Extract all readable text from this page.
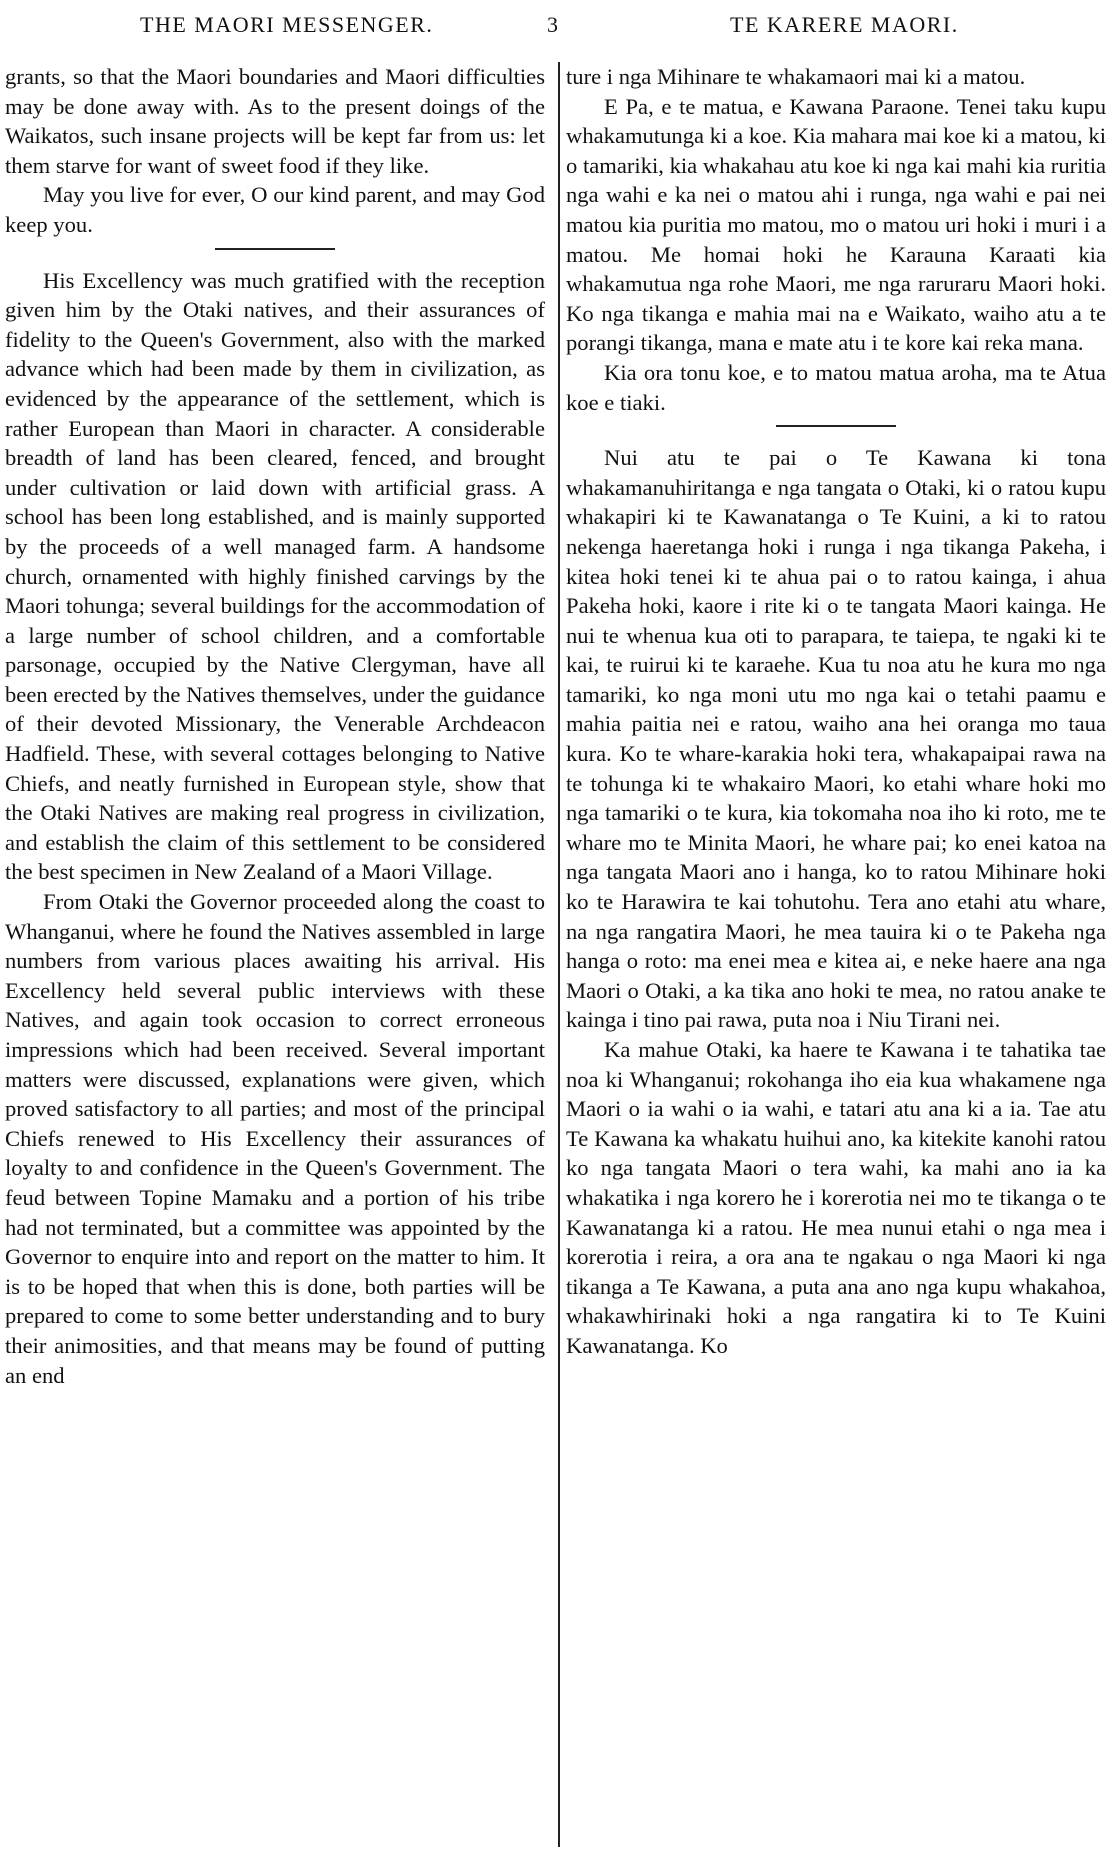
THE MAORI MESSENGER.	3	TE KARERE MAORI.

grants, so that the Maori boundaries and Maori difficulties may be done away with. As to the present doings of the Waikatos, such insane projects will be kept far from us: let them starve for want of sweet food if they like.

May you live for ever, O our kind parent, and may God keep you.

His Excellency was much gratified with the reception given him by the Otaki natives, and their assurances of fidelity to the Queen's Government, also with the marked advance which had been made by them in civilization, as evidenced by the appearance of the settlement, which is rather European than Maori in character. A considerable breadth of land has been cleared, fenced, and brought under cultivation or laid down with artificial grass. A school has been long established, and is mainly supported by the proceeds of a well managed farm. A handsome church, ornamented with highly finished carvings by the Maori tohunga; several buildings for the accommodation of a large number of school children, and a comfortable parsonage, occupied by the Native Clergyman, have all been erected by the Natives themselves, under the guidance of their devoted Missionary, the Venerable Archdeacon Hadfield. These, with several cottages belonging to Native Chiefs, and neatly furnished in European style, show that the Otaki Natives are making real progress in civilization, and establish the claim of this settlement to be considered the best specimen in New Zealand of a Maori Village.

From Otaki the Governor proceeded along the coast to Whanganui, where he found the Natives assembled in large numbers from various places awaiting his arrival. His Excellency held several public interviews with these Natives, and again took occasion to correct erroneous impressions which had been received. Several important matters were discussed, explanations were given, which proved satisfactory to all parties; and most of the principal Chiefs renewed to His Excellency their assurances of loyalty to and confidence in the Queen's Government. The feud between Topine Mamaku and a portion of his tribe had not terminated, but a committee was appointed by the Governor to enquire into and report on the matter to him. It is to be hoped that when this is done, both parties will be prepared to come to some better understanding and to bury their animosities, and that means may be found of putting an end

ture i nga Mihinare te whakamaori mai ki a matou.

E Pa, e te matua, e Kawana Paraone. Tenei taku kupu whakamutunga ki a koe. Kia mahara mai koe ki a matou, ki o tamariki, kia whakahau atu koe ki nga kai mahi kia ruritia nga wahi e ka nei o matou ahi i runga, nga wahi e pai nei matou kia puritia mo matou, mo o matou uri hoki i muri i a matou. Me homai hoki he Karauna Karaati kia whakamutua nga rohe Maori, me nga raruraru Maori hoki. Ko nga tikanga e mahia mai na e Waikato, waiho atu a te porangi tikanga, mana e mate atu i te kore kai reka mana.

Kia ora tonu koe, e to matou matua aroha, ma te Atua koe e tiaki.

Nui atu te pai o Te Kawana ki tona whakamanuhiritanga e nga tangata o Otaki, ki o ratou kupu whakapiri ki te Kawanatanga o Te Kuini, a ki to ratou nekenga haeretanga hoki i runga i nga tikanga Pakeha, i kitea hoki tenei ki te ahua pai o to ratou kainga, i ahua Pakeha hoki, kaore i rite ki o te tangata Maori kainga. He nui te whenua kua oti to parapara, te taiepa, te ngaki ki te kai, te ruirui ki te karaehe. Kua tu noa atu he kura mo nga tamariki, ko nga moni utu mo nga kai o tetahi paamu e mahia paitia nei e ratou, waiho ana hei oranga mo taua kura. Ko te whare-karakia hoki tera, whakapaipai rawa na te tohunga ki te whakairo Maori, ko etahi whare hoki mo nga tamariki o te kura, kia tokomaha noa iho ki roto, me te whare mo te Minita Maori, he whare pai; ko enei katoa na nga tangata Maori ano i hanga, ko to ratou Mihinare hoki ko te Harawira te kai tohutohu. Tera ano etahi atu whare, na nga rangatira Maori, he mea tauira ki o te Pakeha nga hanga o roto: ma enei mea e kitea ai, e neke haere ana nga Maori o Otaki, a ka tika ano hoki te mea, no ratou anake te kainga i tino pai rawa, puta noa i Niu Tirani nei.

Ka mahue Otaki, ka haere te Kawana i te tahatika tae noa ki Whanganui; rokohanga iho eia kua whakamene nga Maori o ia wahi o ia wahi, e tatari atu ana ki a ia. Tae atu Te Kawana ka whakatu huihui ano, ka kitekite kanohi ratou ko nga tangata Maori o tera wahi, ka mahi ano ia ka whakatika i nga korero he i korerotia nei mo te tikanga o te Kawanatanga ki a ratou. He mea nunui etahi o nga mea i korerotia i reira, a ora ana te ngakau o nga Maori ki nga tikanga a Te Kawana, a puta ana ano nga kupu whakahoa, whakawhirinaki hoki a nga rangatira ki to Te Kuini Kawanatanga. Ko
